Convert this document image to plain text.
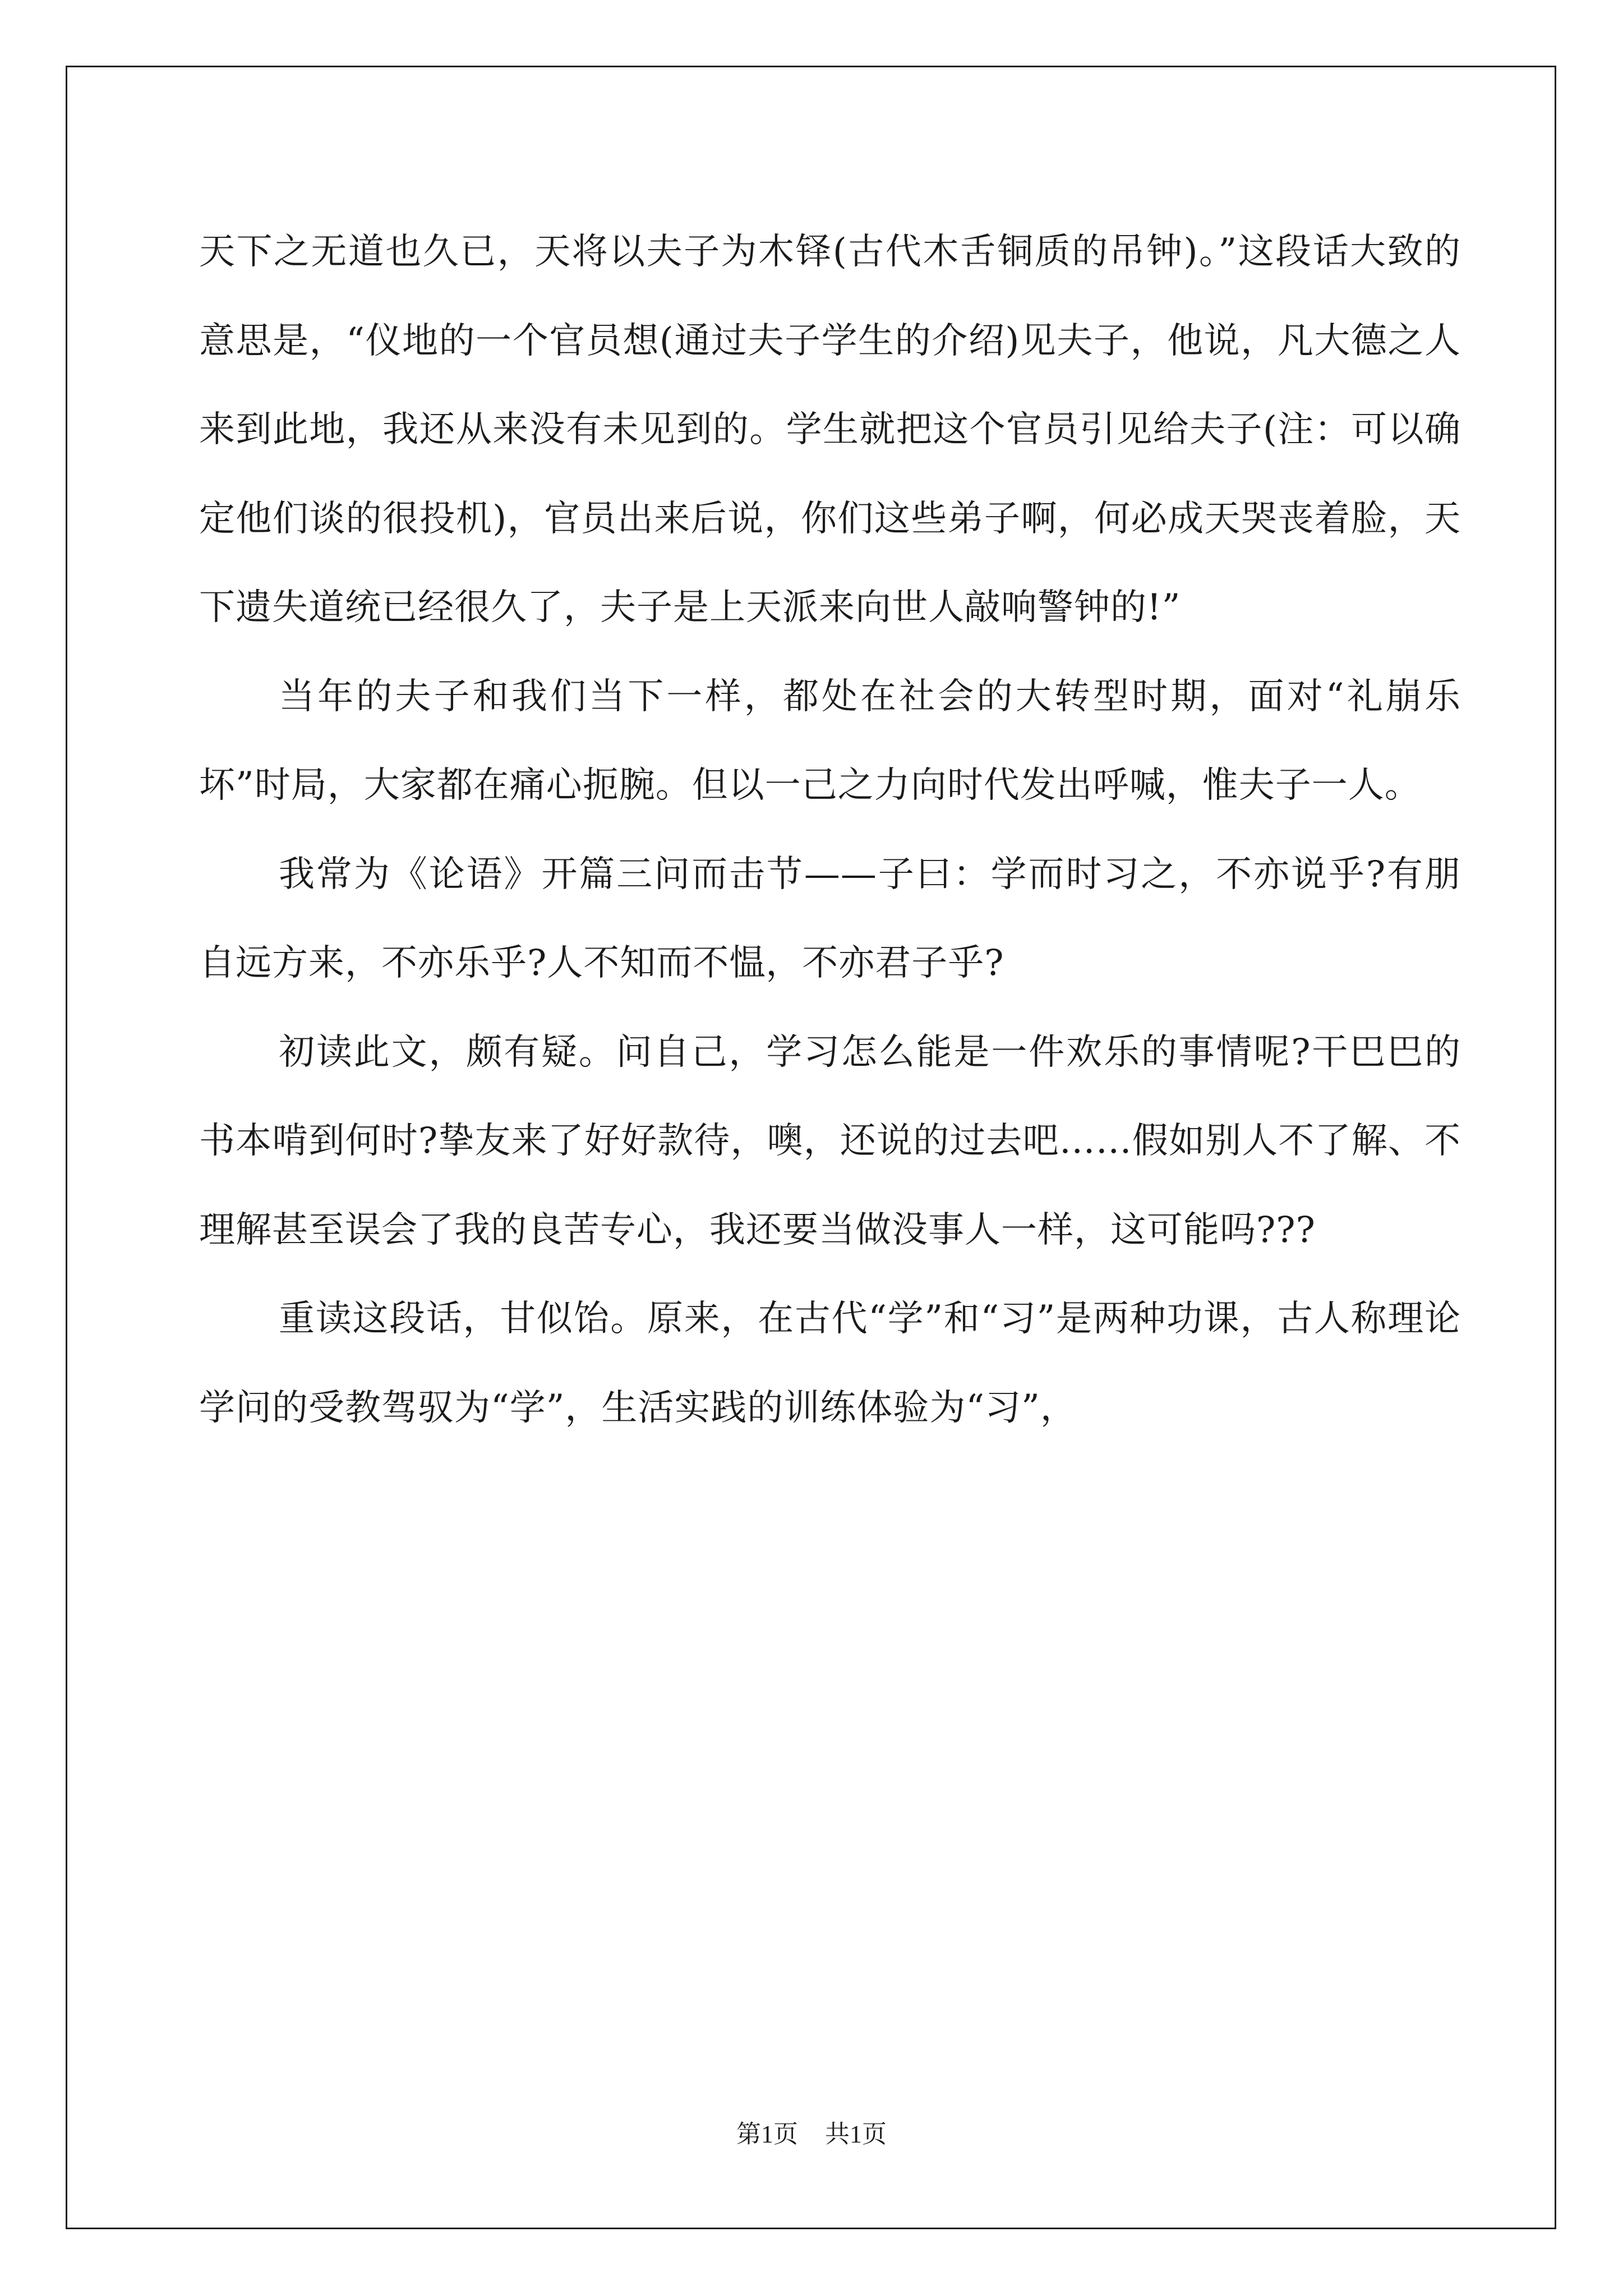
天下之无道也久已，天将以夫子为木铎(古代木舌铜质的吊钟)。”这段话大致的意思是，“仪地的一个官员想(通过夫子学生的介绍)见夫子，他说，凡大德之人来到此地，我还从来没有未见到的。学生就把这个官员引见给夫子(注：可以确定他们谈的很投机)，官员出来后说，你们这些弟子啊，何必成天哭丧着脸，天下遗失道统已经很久了，夫子是上天派来向世人敲响警钟的!”

当年的夫子和我们当下一样，都处在社会的大转型时期，面对“礼崩乐坏”时局，大家都在痛心扼腕。但以一己之力向时代发出呼喊，惟夫子一人。

我常为《论语》开篇三问而击节——子曰：学而时习之，不亦说乎?有朋自远方来，不亦乐乎?人不知而不愠，不亦君子乎?

初读此文，颇有疑。问自己，学习怎么能是一件欢乐的事情呢?干巴巴的书本啃到何时?挚友来了好好款待，噢，还说的过去吧……假如别人不了解、不理解甚至误会了我的良苦专心，我还要当做没事人一样，这可能吗???

重读这段话，甘似饴。原来，在古代“学”和“习”是两种功课，古人称理论学问的受教驾驭为“学”，生活实践的训练体验为“习”，

第1页 共1页
